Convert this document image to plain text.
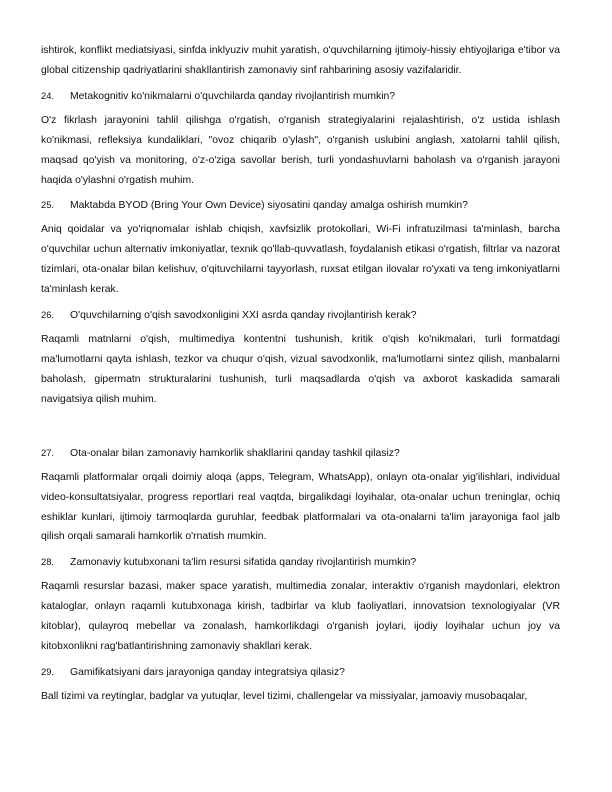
ishtirok, konflikt mediatsiyasi, sinfda inklyuziv muhit yaratish, o'quvchilarning ijtimoiy-hissiy ehtiyojlariga e'tibor va global citizenship qadriyatlarini shakllantirish zamonaviy sinf rahbarining asosiy vazifalaridir.

24.	Metakognitiv ko'nikmalarni o'quvchilarda qanday rivojlantirish mumkin?

O'z fikrlash jarayonini tahlil qilishga o'rgatish, o'rganish strategiyalarini rejalashtirish, o'z ustida ishlash ko'nikmasi, refleksiya kundaliklari, "ovoz chiqarib o'ylash", o'rganish uslubini anglash, xatolarni tahlil qilish, maqsad qo'yish va monitoring, o'z-o'ziga savollar berish, turli yondashuvlarni baholash va o'rganish jarayoni haqida o'ylashni o'rgatish muhim.

25.	Maktabda BYOD (Bring Your Own Device) siyosatini qanday amalga oshirish mumkin?

Aniq qoidalar va yo'riqnomalar ishlab chiqish, xavfsizlik protokollari, Wi-Fi infratuzilmasi ta'minlash, barcha o'quvchilar uchun alternativ imkoniyatlar, texnik qo'llab-quvvatlash, foydalanish etikasi o'rgatish, filtrlar va nazorat tizimlari, ota-onalar bilan kelishuv, o'qituvchilarni tayyorlash, ruxsat etilgan ilovalar ro'yxati va teng imkoniyatlarni ta'minlash kerak.

26.	O'quvchilarning o'qish savodxonligini XXI asrda qanday rivojlantirish kerak?

Raqamli matnlarni o'qish, multimediya kontentni tushunish, kritik o'qish ko'nikmalari, turli formatdagi ma'lumotlarni qayta ishlash, tezkor va chuqur o'qish, vizual savodxonlik, ma'lumotlarni sintez qilish, manbalarni baholash, gipermatn strukturalarini tushunish, turli maqsadlarda o'qish va axborot kaskadida samarali navigatsiya qilish muhim.

27.	Ota-onalar bilan zamonaviy hamkorlik shakllarini qanday tashkil qilasiz?

Raqamli platformalar orqali doimiy aloqa (apps, Telegram, WhatsApp), onlayn ota-onalar yig'ilishlari, individual video-konsultatsiyalar, progress reportlari real vaqtda, birgalikdagi loyihalar, ota-onalar uchun treninglar, ochiq eshiklar kunlari, ijtimoiy tarmoqlarda guruhlar, feedbak platformalari va ota-onalarni ta'lim jarayoniga faol jalb qilish orqali samarali hamkorlik o'rnatish mumkin.

28.	Zamonaviy kutubxonani ta'lim resursi sifatida qanday rivojlantirish mumkin?

Raqamli resurslar bazasi, maker space yaratish, multimedia zonalar, interaktiv o'rganish maydonlari, elektron kataloglar, onlayn raqamli kutubxonaga kirish, tadbirlar va klub faoliyatlari, innovatsion texnologiyalar (VR kitoblar), qulayroq mebellar va zonalash, hamkorlikdagi o'rganish joylari, ijodiy loyihalar uchun joy va kitobxonlikni rag'batlantirishning zamonaviy shakllari kerak.

29.	Gamifikatsiyani dars jarayoniga qanday integratsiya qilasiz?

Ball tizimi va reytinglar, badglar va yutuqlar, level tizimi, challengelar va missiyalar, jamoaviy musobaqalar,
